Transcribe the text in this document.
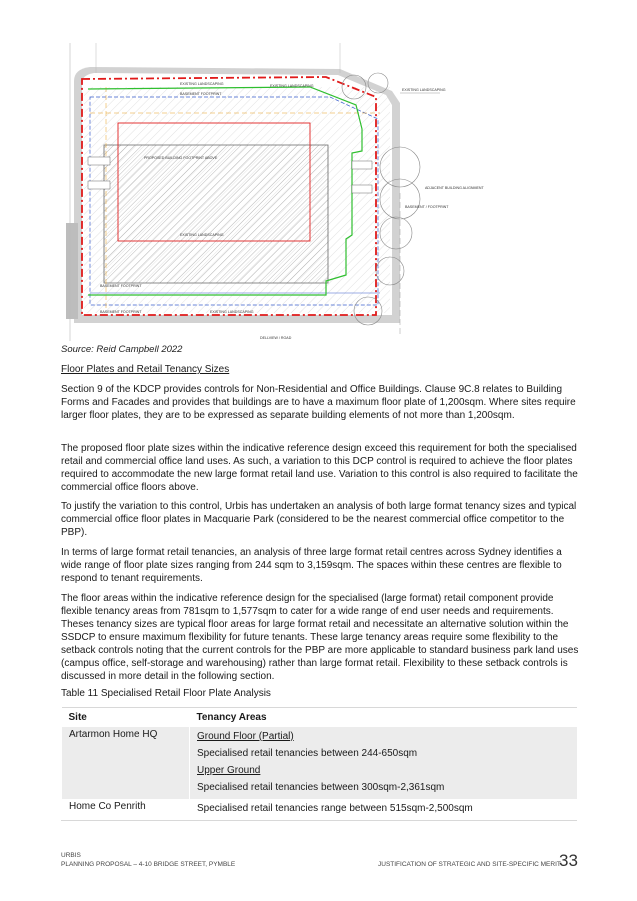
EXISTING LANDSCAPING	EXISTING LANDSCAPING
BASEMENT FOOTPRINT
EXISTING LANDSCAPING
ADJACENT BUILDING ALIGNMENT
BASEMENT / FOOTPRINT
PROPOSED BUILDING FOOTPRINT ABOVE
EXISTING LANDSCAPING
BASEMENT FOOTPRINT
BASEMENT FOOTPRINT	EXISTING LANDSCAPING
DELLVIEW / ROAD
Source: Reid Campbell 2022
Floor Plates and Retail Tenancy Sizes

Section 9 of the KDCP provides controls for Non-Residential and Office Buildings. Clause 9C.8 relates to Building Forms and Facades and provides that buildings are to have a maximum floor plate of 1,200sqm. Where sites require larger floor plates, they are to be expressed as separate building elements of not more than 1,200sqm.

The proposed floor plate sizes within the indicative reference design exceed this requirement for both the specialised retail and commercial office land uses. As such, a variation to this DCP control is required to achieve the floor plates required to accommodate the new large format retail land use. Variation to this control is also required to facilitate the commercial office floors above.

To justify the variation to this control, Urbis has undertaken an analysis of both large format tenancy sizes and typical commercial office floor plates in Macquarie Park (considered to be the nearest commercial office competitor to the PBP).

In terms of large format retail tenancies, an analysis of three large format retail centres across Sydney identifies a wide range of floor plate sizes ranging from 244 sqm to 3,159sqm. The spaces within these centres are flexible to respond to tenant requirements.

The floor areas within the indicative reference design for the specialised (large format) retail component provide flexible tenancy areas from 781sqm to 1,577sqm to cater for a wide range of end user needs and requirements. Theses tenancy sizes are typical floor areas for large format retail and necessitate an alternative solution within the SSDCP to ensure maximum flexibility for future tenants. These large tenancy areas require some flexibility to the setback controls noting that the current controls for the PBP are more applicable to standard business park land uses (campus office, self-storage and warehousing) rather than large format retail. Flexibility to these setback controls is discussed in more detail in the following section.

Table 11 Specialised Retail Floor Plate Analysis
Site	Tenancy Areas
Artarmon Home HQ	Ground Floor (Partial)
Specialised retail tenancies between 244-650sqm
Upper Ground
Specialised retail tenancies between 300sqm-2,361sqm

Home Co Penrith	Specialised retail tenancies range between 515sqm-2,500sqm
URBIS
PLANNING PROPOSAL – 4-10 BRIDGE STREET, PYMBLE	JUSTIFICATION OF STRATEGIC AND SITE-SPECIFIC MERIT
33
